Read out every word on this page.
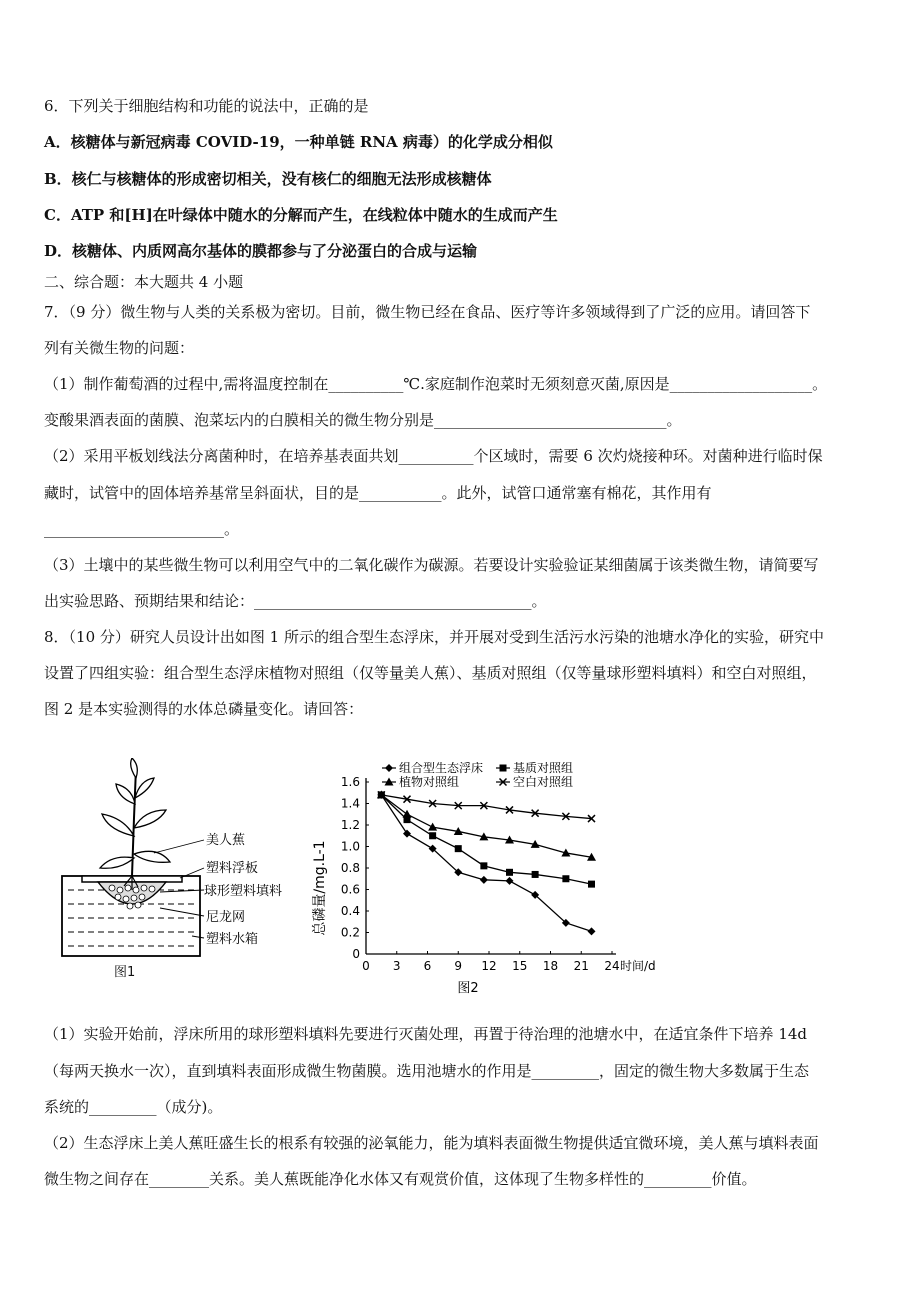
6．下列关于细胞结构和功能的说法中，正确的是
A．核糖体与新冠病毒 COVID-19，一种单链 RNA 病毒）的化学成分相似
B．核仁与核糖体的形成密切相关，没有核仁的细胞无法形成核糖体
C．ATP 和[H]在叶绿体中随水的分解而产生，在线粒体中随水的生成而产生
D．核糖体、内质网高尔基体的膜都参与了分泌蛋白的合成与运输
二、综合题：本大题共 4 小题
7．（9 分）微生物与人类的关系极为密切。目前，微生物已经在食品、医疗等许多领域得到了广泛的应用。请回答下
列有关微生物的问题：
（1）制作葡萄酒的过程中,需将温度控制在__________℃.家庭制作泡菜时无须刻意灭菌,原因是___________________。
变酸果酒表面的菌膜、泡菜坛内的白膜相关的微生物分别是_______________________________。
（2）采用平板划线法分离菌种时，在培养基表面共划__________个区域时，需要 6 次灼烧接种环。对菌种进行临时保
藏时，试管中的固体培养基常呈斜面状，目的是___________。此外，试管口通常塞有棉花，其作用有
________________________。
（3）土壤中的某些微生物可以利用空气中的二氧化碳作为碳源。若要设计实验验证某细菌属于该类微生物，请简要写
出实验思路、预期结果和结论：_____________________________________。
8．（10 分）研究人员设计出如图 1 所示的组合型生态浮床，并开展对受到生活污水污染的池塘水净化的实验，研究中
设置了四组实验：组合型生态浮床植物对照组（仅等量美人蕉）、基质对照组（仅等量球形塑料填料）和空白对照组，
图 2 是本实验测得的水体总磷量变化。请回答：
美人蕉
塑料浮板
球形塑料填料
尼龙网
塑料水箱
图1	0 3 6 9 12 15 18 21 24
0
0.2
0.4
0.6
0.8
1.0
1.2
1.4
1.6
时间/d
总磷量/mg.L-1
图2
组合型生态浮床 基质对照组
植物对照组	空白对照组
（1）实验开始前，浮床所用的球形塑料填料先要进行灭菌处理，再置于待治理的池塘水中，在适宜条件下培养 14d
（每两天换水一次），直到填料表面形成微生物菌膜。选用池塘水的作用是_________，固定的微生物大多数属于生态
系统的_________（成分)。
（2）生态浮床上美人蕉旺盛生长的根系有较强的泌氧能力，能为填料表面微生物提供适宜微环境，美人蕉与填料表面
微生物之间存在________关系。美人蕉既能净化水体又有观赏价值，这体现了生物多样性的_________价值。
